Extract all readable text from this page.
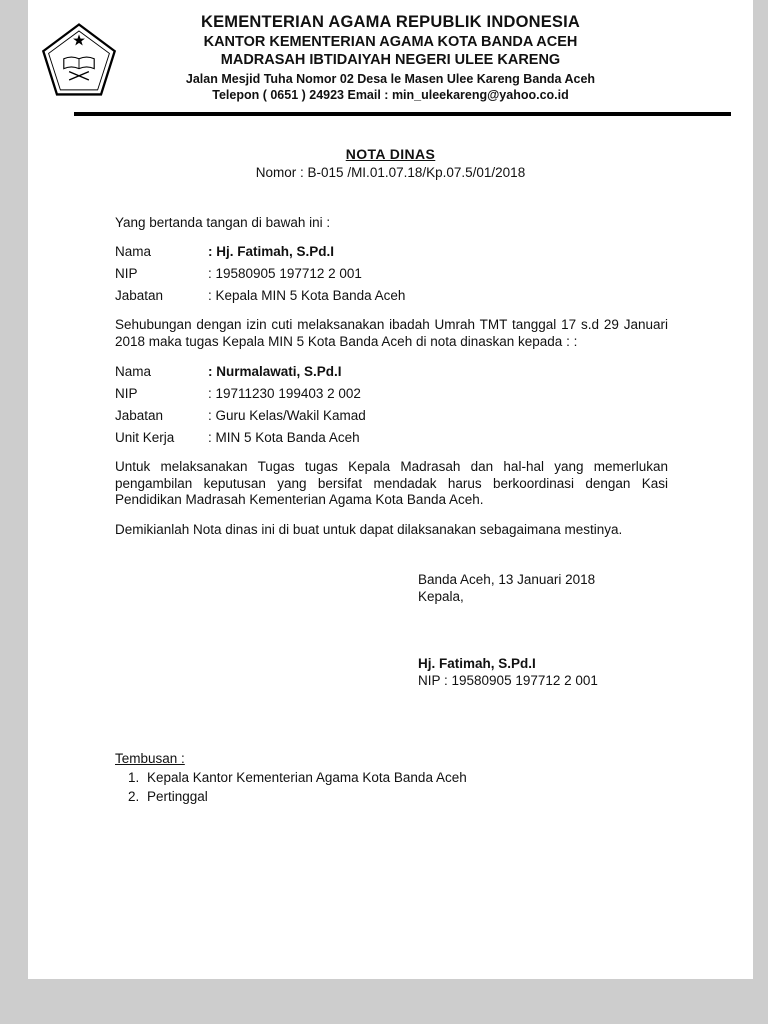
KEMENTERIAN AGAMA REPUBLIK INDONESIA
KANTOR KEMENTERIAN AGAMA KOTA BANDA ACEH
MADRASAH IBTIDAIYAH NEGERI ULEE KARENG
Jalan Mesjid Tuha Nomor 02 Desa le Masen Ulee Kareng Banda Aceh
Telepon ( 0651 ) 24923 Email : min_uleekareng@yahoo.co.id
NOTA DINAS
Nomor : B-015 /MI.01.07.18/Kp.07.5/01/2018
Yang bertanda tangan di bawah ini :
Nama	: Hj. Fatimah, S.Pd.I
NIP	: 19580905 197712 2 001
Jabatan	: Kepala MIN 5 Kota Banda Aceh

Sehubungan dengan izin cuti melaksanakan ibadah Umrah TMT tanggal 17 s.d 29 Januari 2018 maka tugas Kepala MIN 5 Kota Banda Aceh di nota dinaskan kepada : :

Nama	: Nurmalawati, S.Pd.I
NIP	: 19711230 199403 2 002
Jabatan	: Guru Kelas/Wakil Kamad
Unit Kerja	: MIN 5 Kota Banda Aceh

Untuk melaksanakan Tugas tugas Kepala Madrasah dan hal-hal yang memerlukan pengambilan keputusan yang bersifat mendadak harus berkoordinasi dengan Kasi Pendidikan Madrasah Kementerian Agama Kota Banda Aceh.

Demikianlah Nota dinas ini di buat untuk dapat dilaksanakan sebagaimana mestinya.

Banda Aceh, 13 Januari 2018
Kepala,
Hj. Fatimah, S.Pd.I
NIP : 19580905 197712 2 001
Tembusan :
1. Kepala Kantor Kementerian Agama Kota Banda Aceh
2. Pertinggal
